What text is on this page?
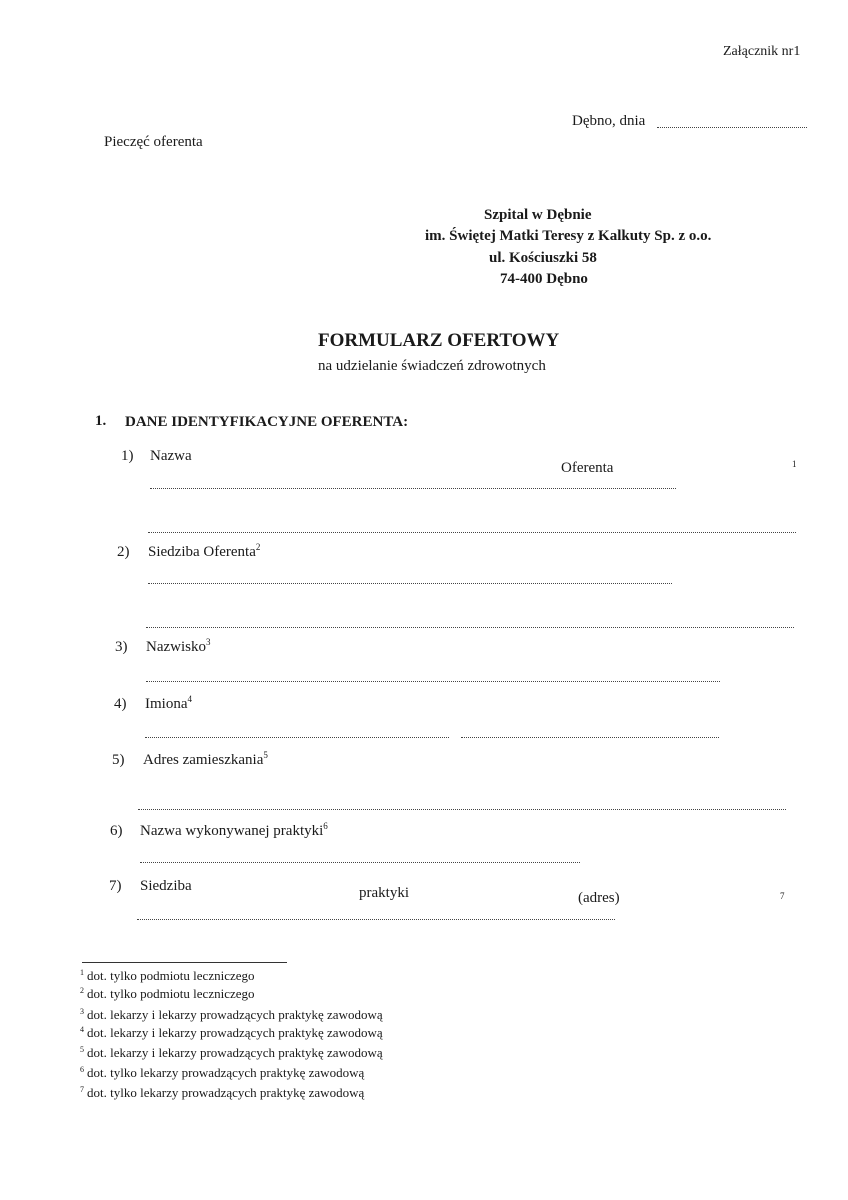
Załącznik nr1
Dębno, dnia
Pieczęć oferenta
Szpital w Dębnie
im. Świętej Matki Teresy z Kalkuty Sp. z o.o.
ul. Kościuszki 58
74-400 Dębno
FORMULARZ OFERTOWY
na udzielanie świadczeń zdrowotnych
1. DANE IDENTYFIKACYJNE OFERENTA:
1) Nazwa
Oferenta	1
2) Siedziba Oferenta$^2$
3) Nazwisko$^3$
4) Imiona$^4$
5) Adres zamieszkania$^5$
6) Nazwa wykonywanej praktyki$^6$
7) Siedziba	praktyki	(adres)	7
$^1$ dot. tylko podmiotu leczniczego
$^2$ dot. tylko podmiotu leczniczego
$^3$ dot. lekarzy i lekarzy prowadzących praktykę zawodową
$^4$ dot. lekarzy i lekarzy prowadzących praktykę zawodową
$^5$ dot. lekarzy i lekarzy prowadzących praktykę zawodową
$^6$ dot. tylko lekarzy prowadzących praktykę zawodową
$^7$ dot. tylko lekarzy prowadzących praktykę zawodową
